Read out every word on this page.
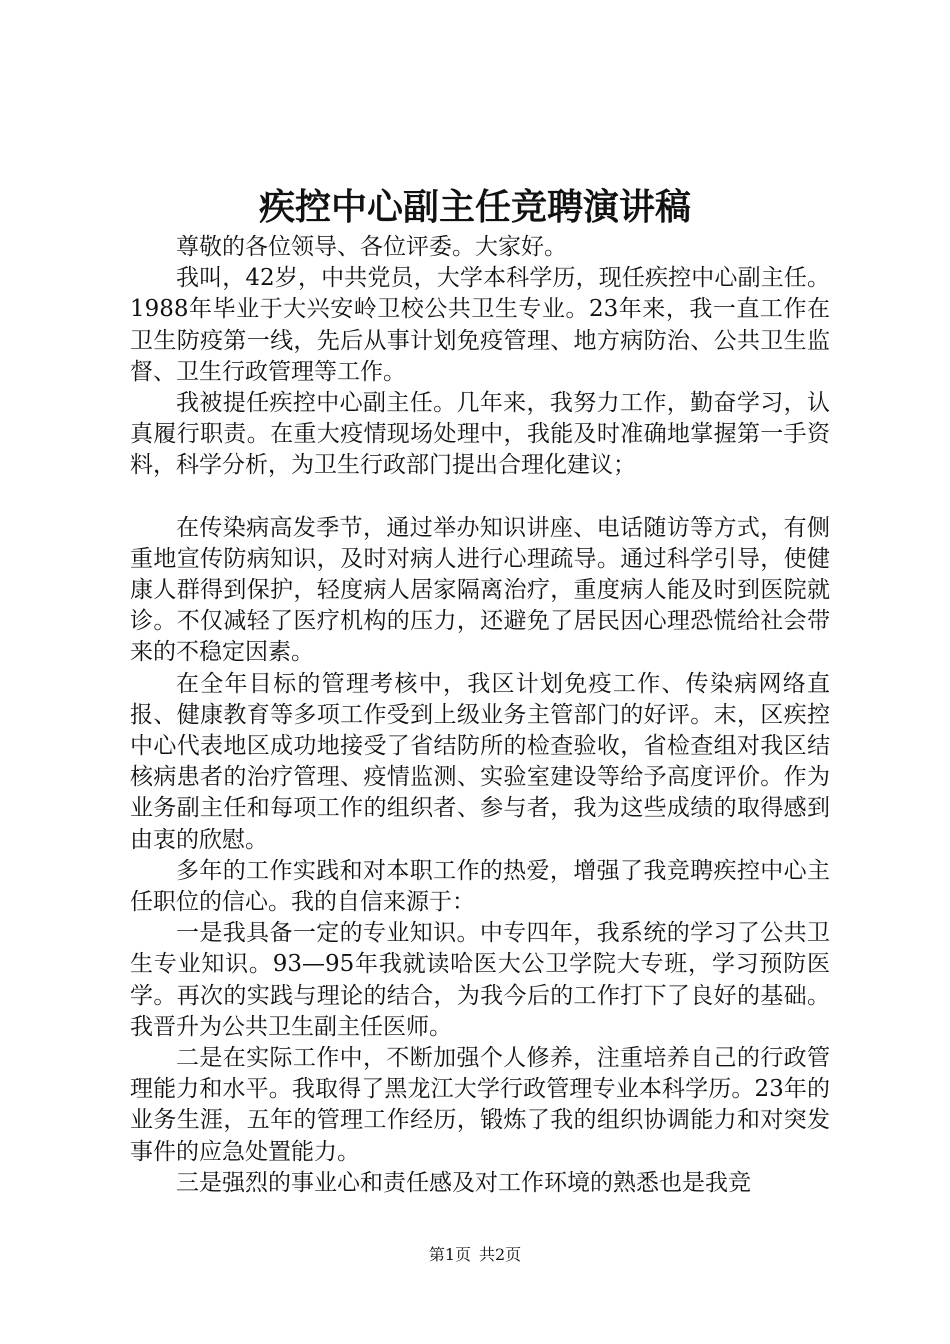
疾控中心副主任竞聘演讲稿

尊敬的各位领导、各位评委。大家好。

我叫，42岁，中共党员，大学本科学历，现任疾控中心副主任。1988年毕业于大兴安岭卫校公共卫生专业。23年来，我一直工作在卫生防疫第一线，先后从事计划免疫管理、地方病防治、公共卫生监督、卫生行政管理等工作。

我被提任疾控中心副主任。几年来，我努力工作，勤奋学习，认真履行职责。在重大疫情现场处理中，我能及时准确地掌握第一手资料，科学分析，为卫生行政部门提出合理化建议；

在传染病高发季节，通过举办知识讲座、电话随访等方式，有侧重地宣传防病知识，及时对病人进行心理疏导。通过科学引导，使健康人群得到保护，轻度病人居家隔离治疗，重度病人能及时到医院就诊。不仅减轻了医疗机构的压力，还避免了居民因心理恐慌给社会带来的不稳定因素。

在全年目标的管理考核中，我区计划免疫工作、传染病网络直报、健康教育等多项工作受到上级业务主管部门的好评。末，区疾控中心代表地区成功地接受了省结防所的检查验收，省检查组对我区结核病患者的治疗管理、疫情监测、实验室建设等给予高度评价。作为业务副主任和每项工作的组织者、参与者，我为这些成绩的取得感到由衷的欣慰。

多年的工作实践和对本职工作的热爱，增强了我竞聘疾控中心主任职位的信心。我的自信来源于：

一是我具备一定的专业知识。中专四年，我系统的学习了公共卫生专业知识。93—95年我就读哈医大公卫学院大专班，学习预防医学。再次的实践与理论的结合，为我今后的工作打下了良好的基础。我晋升为公共卫生副主任医师。

二是在实际工作中，不断加强个人修养，注重培养自己的行政管理能力和水平。我取得了黑龙江大学行政管理专业本科学历。23年的业务生涯，五年的管理工作经历，锻炼了我的组织协调能力和对突发事件的应急处置能力。

三是强烈的事业心和责任感及对工作环境的熟悉也是我竞

第1页 共2页
